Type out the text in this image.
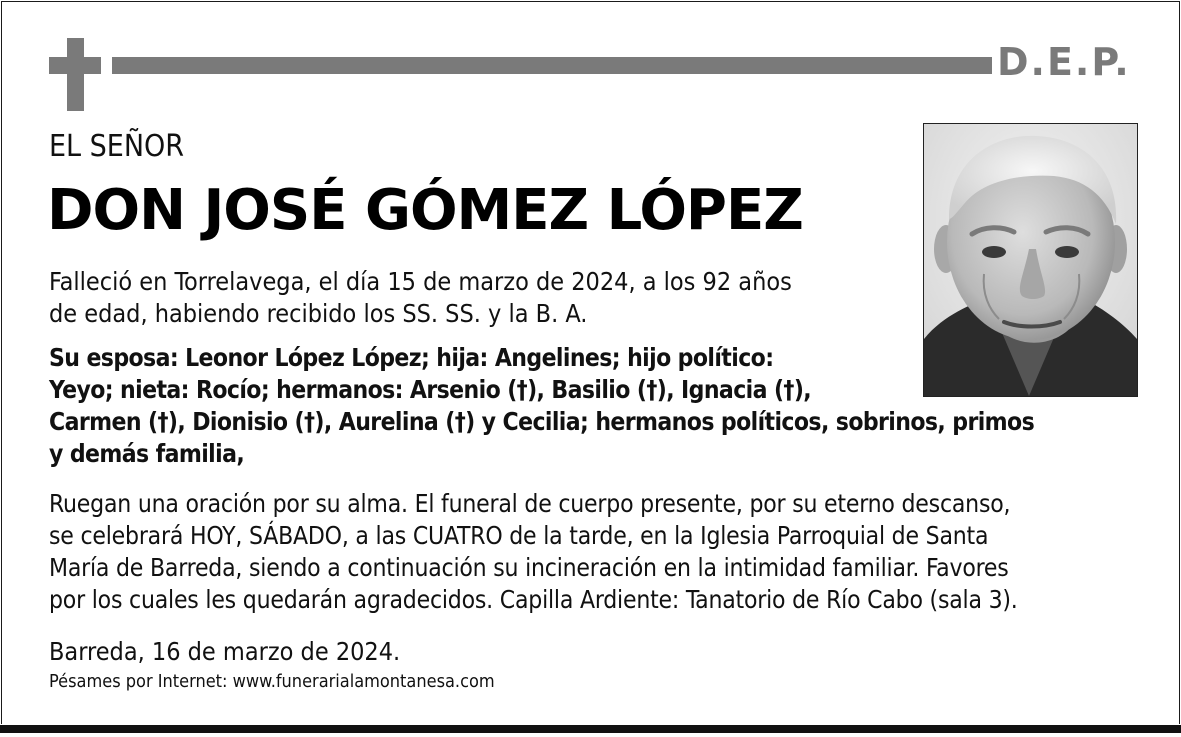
D.E.P.
EL SEÑOR
DON JOSÉ GÓMEZ LÓPEZ
Falleció en Torrelavega, el día 15 de marzo de 2024, a los 92 años
de edad, habiendo recibido los SS. SS. y la B. A.
Su esposa: Leonor López López; hija: Angelines; hijo político:
Yeyo; nieta: Rocío; hermanos: Arsenio (†), Basilio (†), Ignacia (†),
Carmen (†), Dionisio (†), Aurelina (†) y Cecilia; hermanos políticos, sobrinos, primos
y demás familia,
Ruegan una oración por su alma. El funeral de cuerpo presente, por su eterno descanso,
se celebrará HOY, SÁBADO, a las CUATRO de la tarde, en la Iglesia Parroquial de Santa
María de Barreda, siendo a continuación su incineración en la intimidad familiar. Favores
por los cuales les quedarán agradecidos. Capilla Ardiente: Tanatorio de Río Cabo (sala 3).
Barreda, 16 de marzo de 2024.
Pésames por Internet: www.funerarialamontanesa.com
